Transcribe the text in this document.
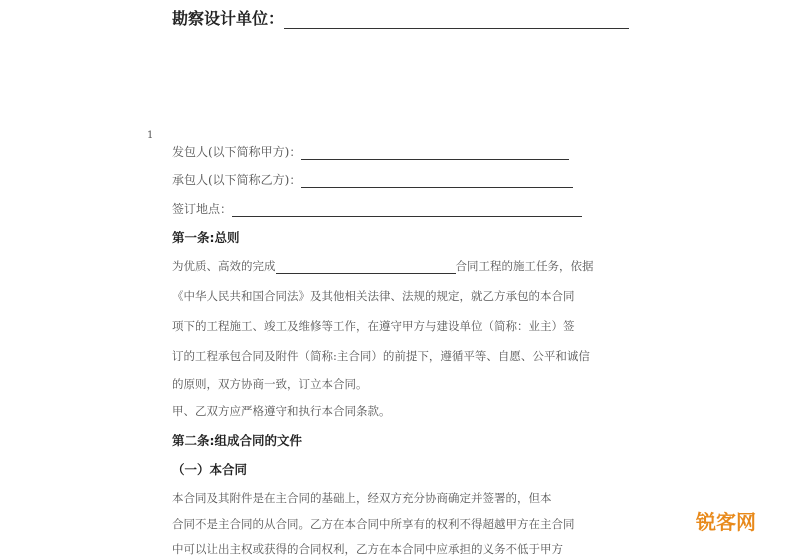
勘察设计单位：
1
发包人(以下简称甲方)：
承包人(以下简称乙方)：
签订地点：
第一条:总则
为优质、高效的完成	合同工程的施工任务，依据
《中华人民共和国合同法》及其他相关法律、法规的规定，就乙方承包的本合同
项下的工程施工、竣工及维修等工作，在遵守甲方与建设单位（简称：业主）签
订的工程承包合同及附件（简称:主合同）的前提下，遵循平等、自愿、公平和诚信
的原则，双方协商一致，订立本合同。
甲、乙双方应严格遵守和执行本合同条款。
第二条:组成合同的文件
（一）本合同
本合同及其附件是在主合同的基础上，经双方充分协商确定并签署的，但本
合同不是主合同的从合同。乙方在本合同中所享有的权利不得超越甲方在主合同
中可以让出主权或获得的合同权利，乙方在本合同中应承担的义务不低于甲方
锐客网
